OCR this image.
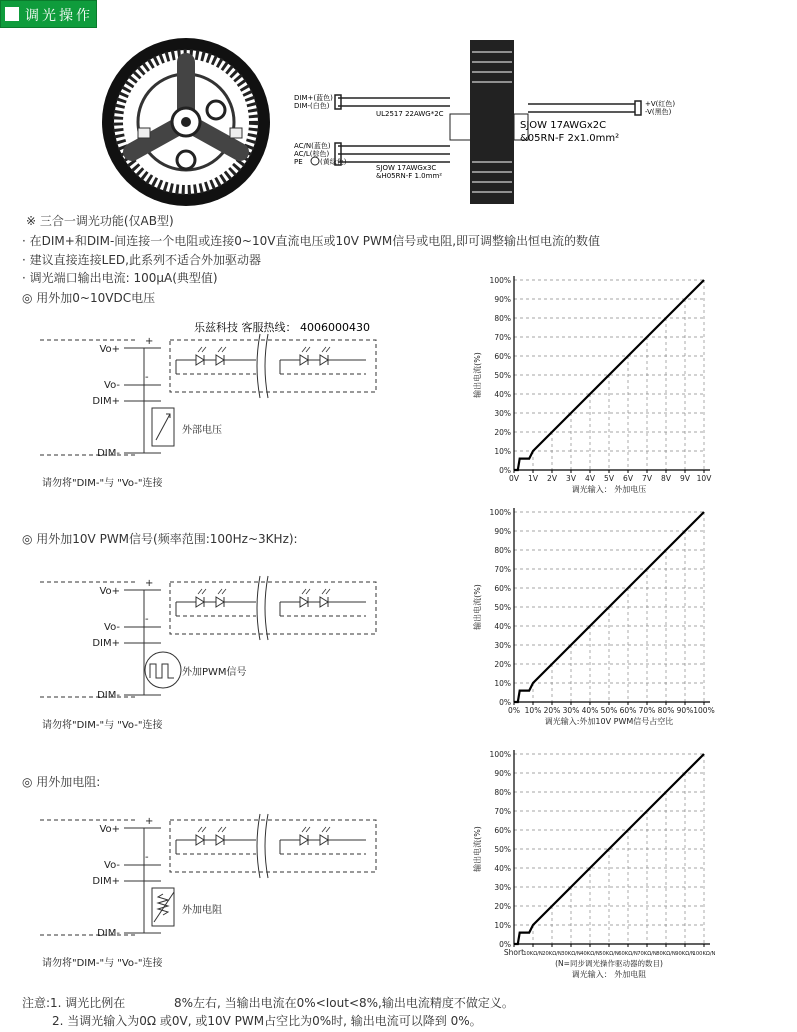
调光操作
DIM+(蓝色)
DIM-(白色)
AC/N(蓝色)
AC/L(棕色)
PE (黄绿色)
UL2517 22AWG*2C
SJOW 17AWGx3C
&H05RN-F 1.0mm²
+V(红色)
-V(黑色)
SJOW 17AWGx2C
&05RN-F 2x1.0mm²
※ 三合一调光功能(仅AB型)
· 在DIM+和DIM-间连接一个电阻或连接0~10V直流电压或10V PWM信号或电阻,即可调整输出恒电流的数值
· 建议直接连接LED,此系列不适合外加驱动器
· 调光端口输出电流: 100µA(典型值)
◎ 用外加0~10VDC电压
乐兹科技 客服热线： 4006000430
◎ 用外加10V PWM信号(频率范围:100Hz~3KHz):
◎ 用外加电阻:
Vo+
Vo-
DIM+
DIM-
+
-
外部电压
请勿将"DIM-"与 "Vo-"连接
Vo+
Vo-
DIM+
DIM-
+
-
外加PWM信号
请勿将"DIM-"与 "Vo-"连接
Vo+
Vo-
DIM+
DIM-
+
-
外加电阻
请勿将"DIM-"与 "Vo-"连接
0%
10%
20%
30%
40%
50%
60%
70%
80%
90%
100%
0V 1V 2V 3V 4V 5V 6V 7V 8V 9V 10V
输出电流(%)
调光输入： 外加电压
0%
10%
20%
30%
40%
50%
60%
70%
80%
90%
100%
0% 10% 20% 30% 40% 50% 60% 70% 80% 90% 100%
输出电流(%)
调光输入:外加10V PWM信号占空比
0%
10%
20%
30%
40%
50%
60%
70%
80%
90%
100%
Short 10KΩ/N 20KΩ/N 30KΩ/N 40KΩ/N 50KΩ/N 60KΩ/N 70KΩ/N 80KΩ/N 90KΩ/N
100KΩ/N
输出电流(%)
(N=同步调光操作驱动器的数目)
调光输入： 外加电阻
注意:1. 调光比例在	8%左右, 当输出电流在0%<Iout<8%,输出电流精度不做定义。
2. 当调光输入为0Ω 或0V, 或10V PWM占空比为0%时, 输出电流可以降到 0%。
